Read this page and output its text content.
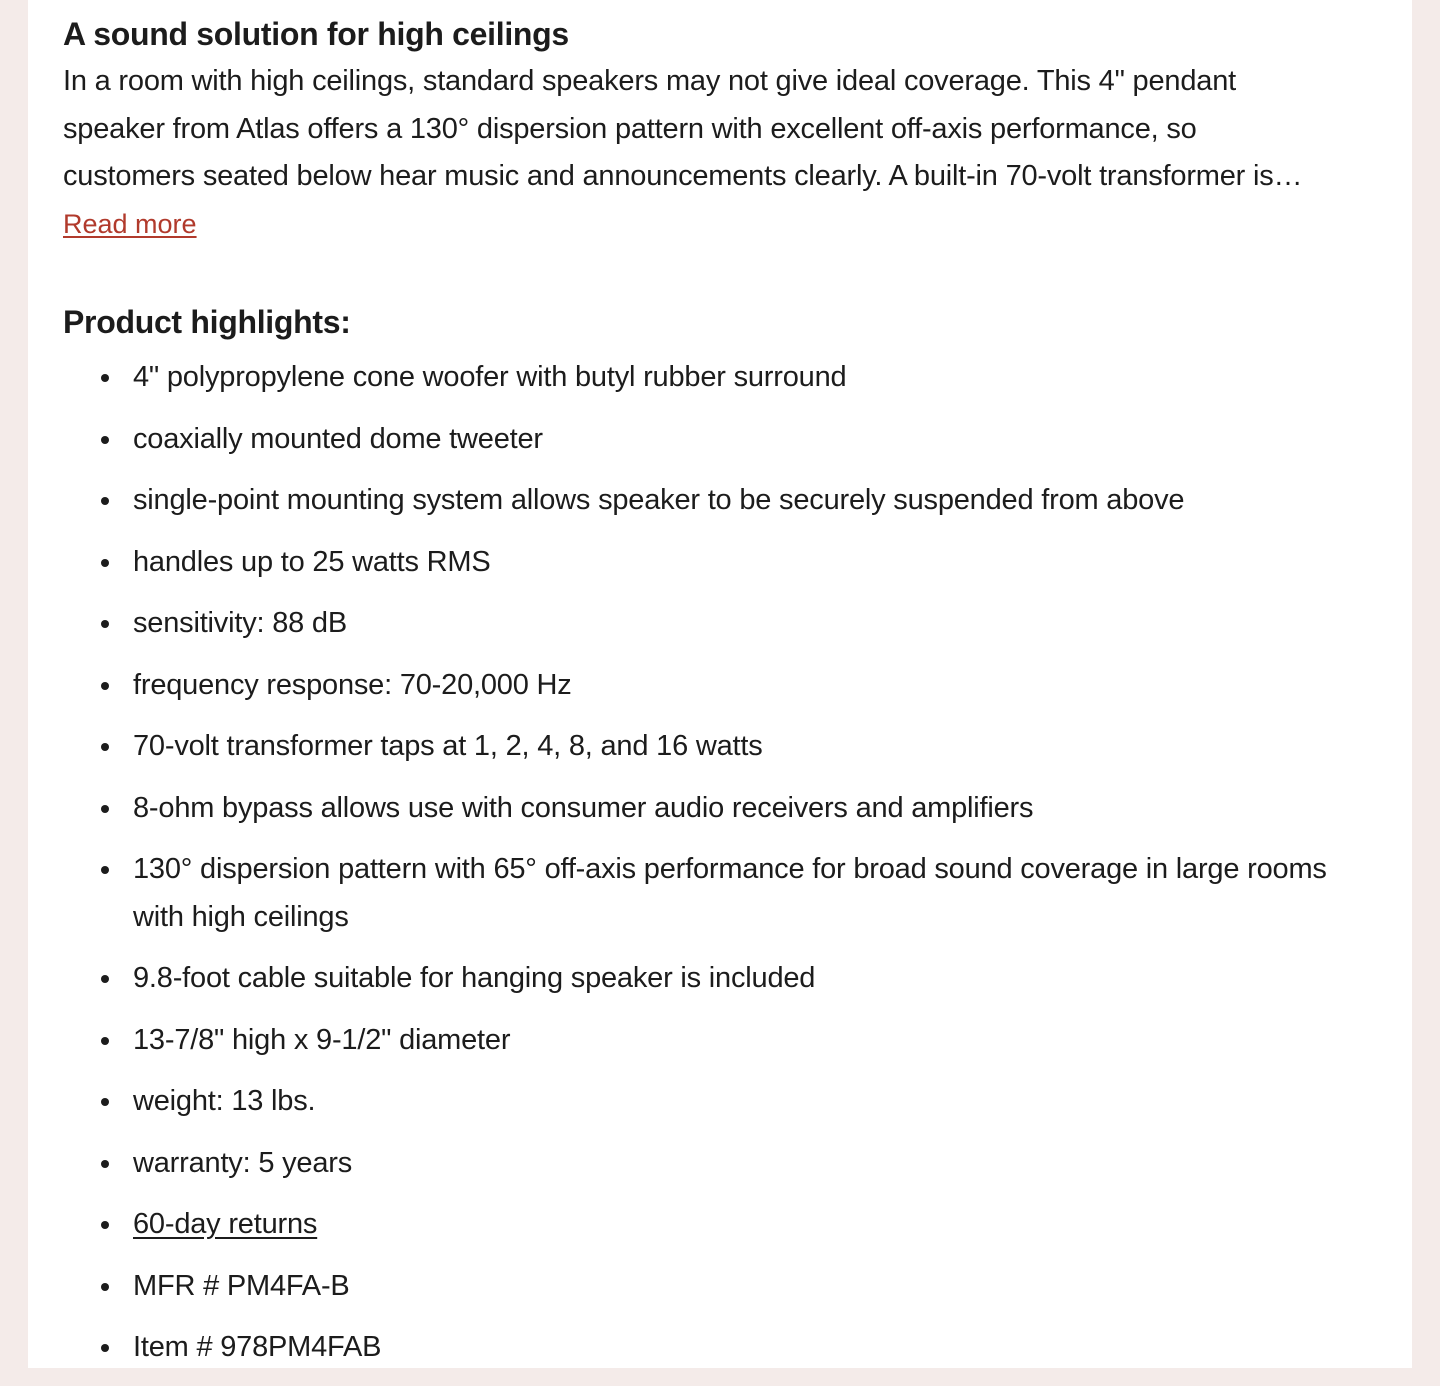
A sound solution for high ceilings

In a room with high ceilings, standard speakers may not give ideal coverage. This 4" pendant
speaker from Atlas offers a 130° dispersion pattern with excellent off-axis performance, so
customers seated below hear music and announcements clearly. A built-in 70-volt transformer is…

Read more
Product highlights:
4" polypropylene cone woofer with butyl rubber surround
coaxially mounted dome tweeter
single-point mounting system allows speaker to be securely suspended from above
handles up to 25 watts RMS
sensitivity: 88 dB
frequency response: 70-20,000 Hz
70-volt transformer taps at 1, 2, 4, 8, and 16 watts
8-ohm bypass allows use with consumer audio receivers and amplifiers
130° dispersion pattern with 65° off-axis performance for broad sound coverage in large rooms with high ceilings
9.8-foot cable suitable for hanging speaker is included
13-7/8" high x 9-1/2" diameter
weight: 13 lbs.
warranty: 5 years
60-day returns
MFR # PM4FA-B
Item # 978PM4FAB
